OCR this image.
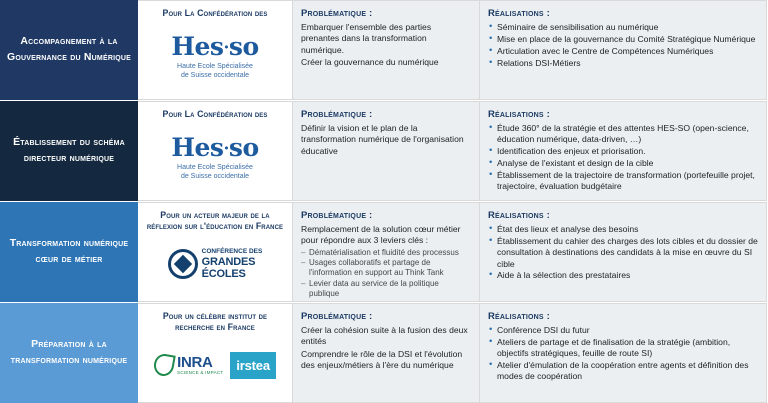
Accompagnement à la Gouvernance du Numérique
Pour La Confédération des
Hes·so
Haute Ecole Spécialisée
de Suisse occidentale
Problématique :

Embarquer l'ensemble des parties prenantes dans la transformation numérique.

Créer la gouvernance du numérique

Réalisations :
• Séminaire de sensibilisation au numérique
• Mise en place de la gouvernance du Comité Stratégique Numérique
• Articulation avec le Centre de Compétences Numériques
• Relations DSI-Métiers
Établissement du schéma directeur numérique
Pour La Confédération des
Hes·so
Haute Ecole Spécialisée
de Suisse occidentale
Problématique :

Définir la vision et le plan de la transformation numérique de l'organisation éducative

Réalisations :
• Étude 360° de la stratégie et des attentes HES-SO (open-science, éducation numérique, data-driven, …)
• Identification des enjeux et priorisation.
• Analyse de l'existant et design de la cible
• Établissement de la trajectoire de transformation (portefeuille projet, trajectoire, évaluation budgétaire
Transformation numérique cœur de métier
Pour un acteur majeur de la réflexion sur l'éducation en France
CONFÉRENCE DES
GRANDES
ÉCOLES
Problématique :

Remplacement de la solution cœur métier pour répondre aux 3 leviers clés :

– Dématérialisation et fluidité des processus
– Usages collaboratifs et partage de l'information en support au Think Tank
– Levier data au service de la politique publique
Réalisations :
• État des lieux et analyse des besoins
• Établissement du cahier des charges des lots cibles et du dossier de consultation à destinations des candidats à la mise en œuvre du SI cible
• Aide à la sélection des prestataires
Préparation à la transformation numérique
Pour un célèbre institut de recherche en France
INRA
SCIENCE & IMPACT	irstea
Problématique :

Créer la cohésion suite à la fusion des deux entités

Comprendre le rôle de la DSI et l'évolution des enjeux/métiers à l'ère du numérique

Réalisations :
• Conférence DSI du futur
• Ateliers de partage et de finalisation de la stratégie (ambition, objectifs stratégiques, feuille de route SI)
• Atelier d'émulation de la coopération entre agents et définition des modes de coopération
